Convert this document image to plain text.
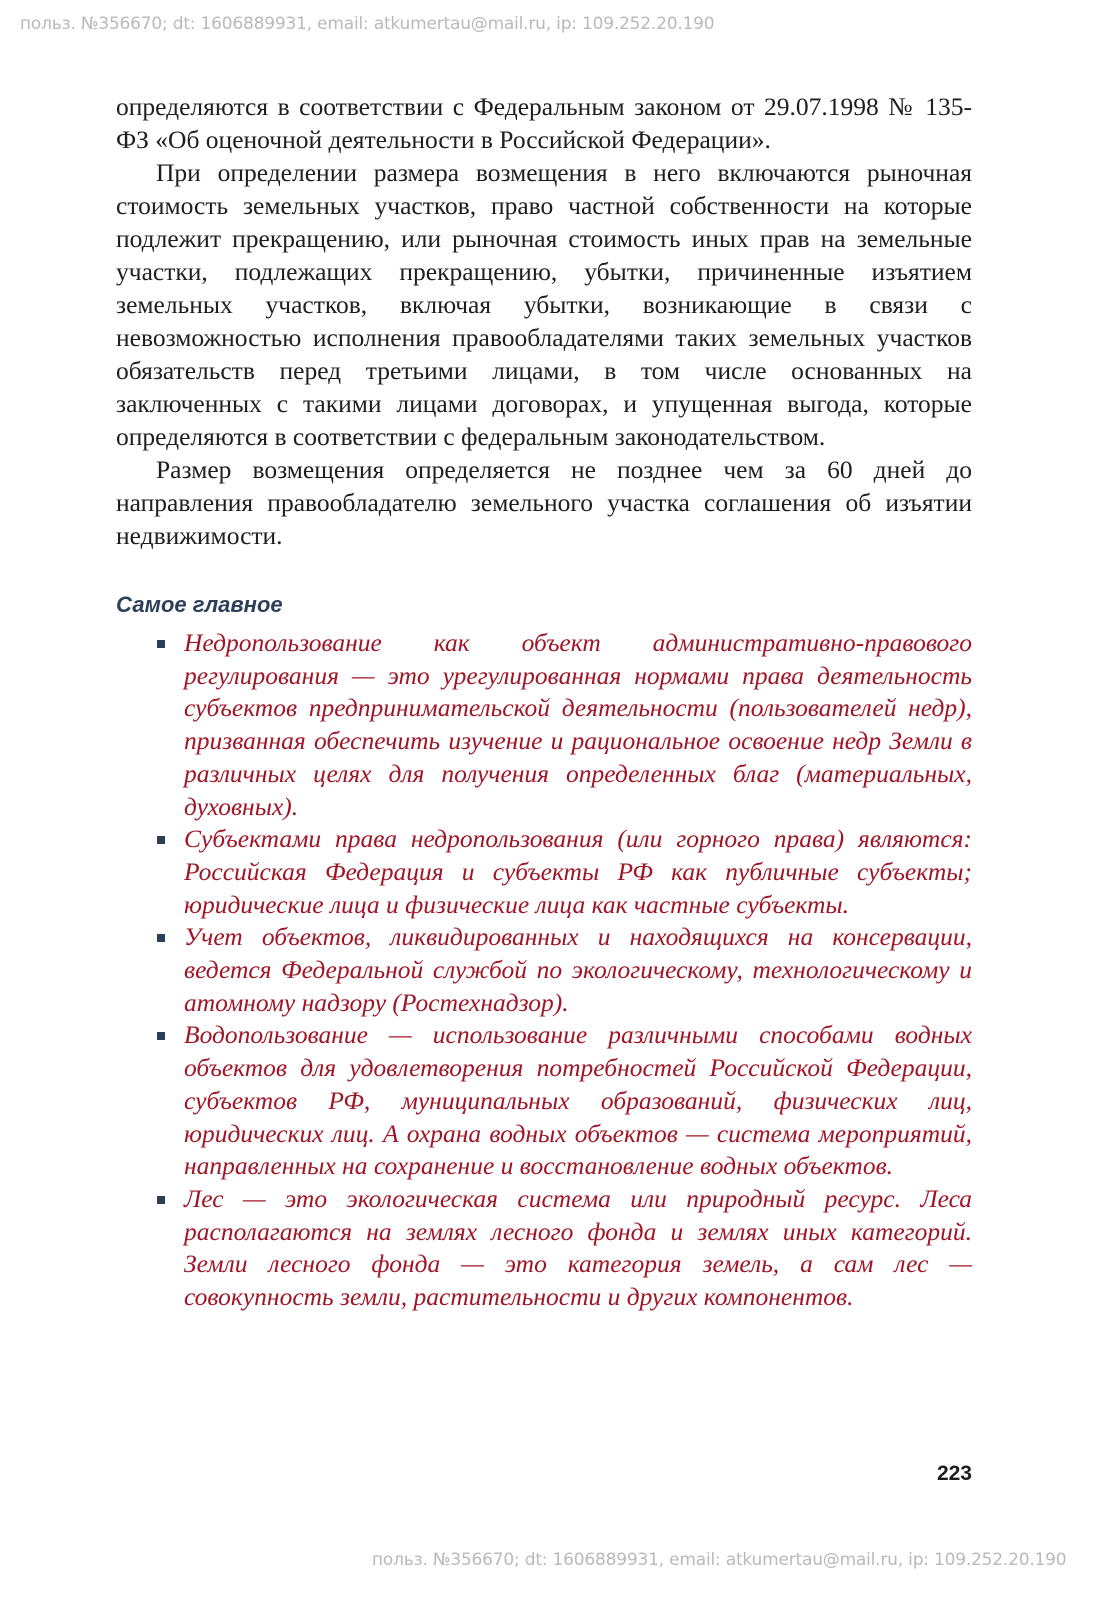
польз. №356670; dt: 1606889931, email: atkumertau@mail.ru, ip: 109.252.20.190

определяются в соответствии с Федеральным законом от 29.07.1998 № 135-ФЗ «Об оценочной деятельности в Российской Федерации».

При определении размера возмещения в него включаются рыночная стоимость земельных участков, право частной собственности на которые подлежит прекращению, или рыночная стоимость иных прав на земельные участки, подлежащих прекращению, убытки, причиненные изъятием земельных участков, включая убытки, возникающие в связи с невозможностью исполнения правообладателями таких земельных участков обязательств перед третьими лицами, в том числе основанных на заключенных с такими лицами договорах, и упущенная выгода, которые определяются в соответствии с федеральным законодательством.

Размер возмещения определяется не позднее чем за 60 дней до направления правообладателю земельного участка соглашения об изъятии недвижимости.

Самое главное
Недропользование как объект административно-правового регулирования — это урегулированная нормами права деятельность субъектов предпринимательской деятельности (пользователей недр), призванная обеспечить изучение и рациональное освоение недр Земли в различных целях для получения определенных благ (материальных, духовных).
Субъектами права недропользования (или горного права) являются: Российская Федерация и субъекты РФ как публичные субъекты; юридические лица и физические лица как частные субъекты.
Учет объектов, ликвидированных и находящихся на консервации, ведется Федеральной службой по экологическому, технологическому и атомному надзору (Ростехнадзор).
Водопользование — использование различными способами водных объектов для удовлетворения потребностей Российской Федерации, субъектов РФ, муниципальных образований, физических лиц, юридических лиц. А охрана водных объектов — система мероприятий, направленных на сохранение и восстановление водных объектов.
Лес — это экологическая система или природный ресурс. Леса располагаются на землях лесного фонда и землях иных категорий. Земли лесного фонда — это категория земель, а сам лес — совокупность земли, растительности и других компонентов.
223
польз. №356670; dt: 1606889931, email: atkumertau@mail.ru, ip: 109.252.20.190
